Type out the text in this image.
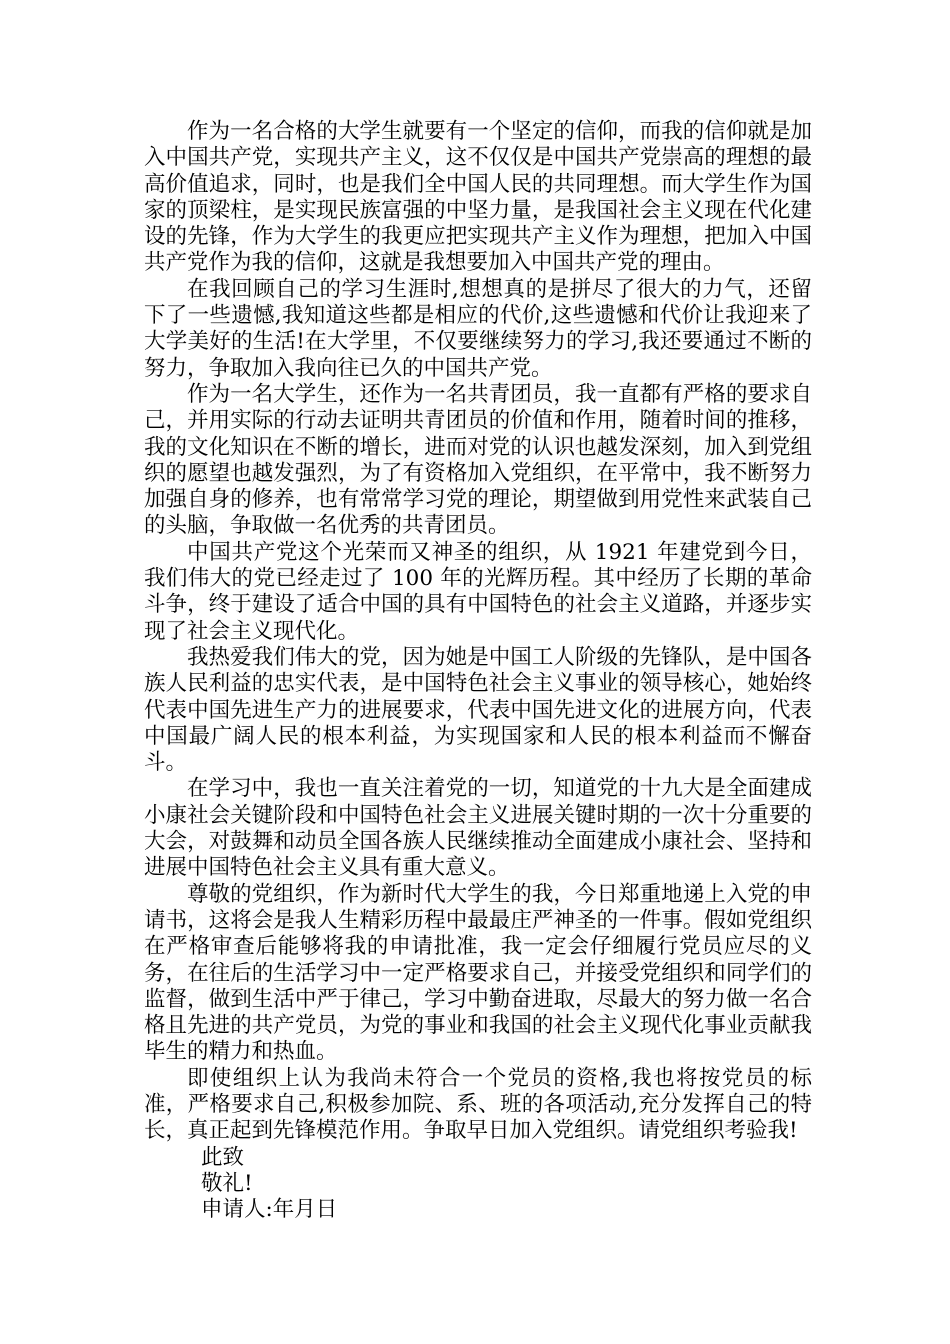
作为一名合格的大学生就要有一个坚定的信仰，而我的信仰就是加入中国共产党，实现共产主义，这不仅仅是中国共产党崇高的理想的最高价值追求，同时，也是我们全中国人民的共同理想。而大学生作为国家的顶梁柱，是实现民族富强的中坚力量，是我国社会主义现在代化建设的先锋，作为大学生的我更应把实现共产主义作为理想，把加入中国共产党作为我的信仰，这就是我想要加入中国共产党的理由。

在我回顾自己的学习生涯时,想想真的是拼尽了很大的力气，还留下了一些遗憾,我知道这些都是相应的代价,这些遗憾和代价让我迎来了大学美好的生活!在大学里，不仅要继续努力的学习,我还要通过不断的努力，争取加入我向往已久的中国共产党。

作为一名大学生，还作为一名共青团员，我一直都有严格的要求自己，并用实际的行动去证明共青团员的价值和作用，随着时间的推移，我的文化知识在不断的增长，进而对党的认识也越发深刻，加入到党组织的愿望也越发强烈，为了有资格加入党组织，在平常中，我不断努力加强自身的修养，也有常常学习党的理论，期望做到用党性来武装自己的头脑，争取做一名优秀的共青团员。

中国共产党这个光荣而又神圣的组织，从 1921 年建党到今日，我们伟大的党已经走过了 100 年的光辉历程。其中经历了长期的革命斗争，终于建设了适合中国的具有中国特色的社会主义道路，并逐步实现了社会主义现代化。

我热爱我们伟大的党，因为她是中国工人阶级的先锋队，是中国各族人民利益的忠实代表，是中国特色社会主义事业的领导核心，她始终代表中国先进生产力的进展要求，代表中国先进文化的进展方向，代表中国最广阔人民的根本利益，为实现国家和人民的根本利益而不懈奋斗。

在学习中，我也一直关注着党的一切，知道党的十九大是全面建成小康社会关键阶段和中国特色社会主义进展关键时期的一次十分重要的大会，对鼓舞和动员全国各族人民继续推动全面建成小康社会、坚持和进展中国特色社会主义具有重大意义。

尊敬的党组织，作为新时代大学生的我，今日郑重地递上入党的申请书，这将会是我人生精彩历程中最最庄严神圣的一件事。假如党组织在严格审查后能够将我的申请批准，我一定会仔细履行党员应尽的义务，在往后的生活学习中一定严格要求自己，并接受党组织和同学们的监督，做到生活中严于律己，学习中勤奋进取，尽最大的努力做一名合格且先进的共产党员，为党的事业和我国的社会主义现代化事业贡献我毕生的精力和热血。

即使组织上认为我尚未符合一个党员的资格,我也将按党员的标准，严格要求自己,积极参加院、系、班的各项活动,充分发挥自己的特长，真正起到先锋模范作用。争取早日加入党组织。请党组织考验我!

此致
敬礼!
申请人:年月日
